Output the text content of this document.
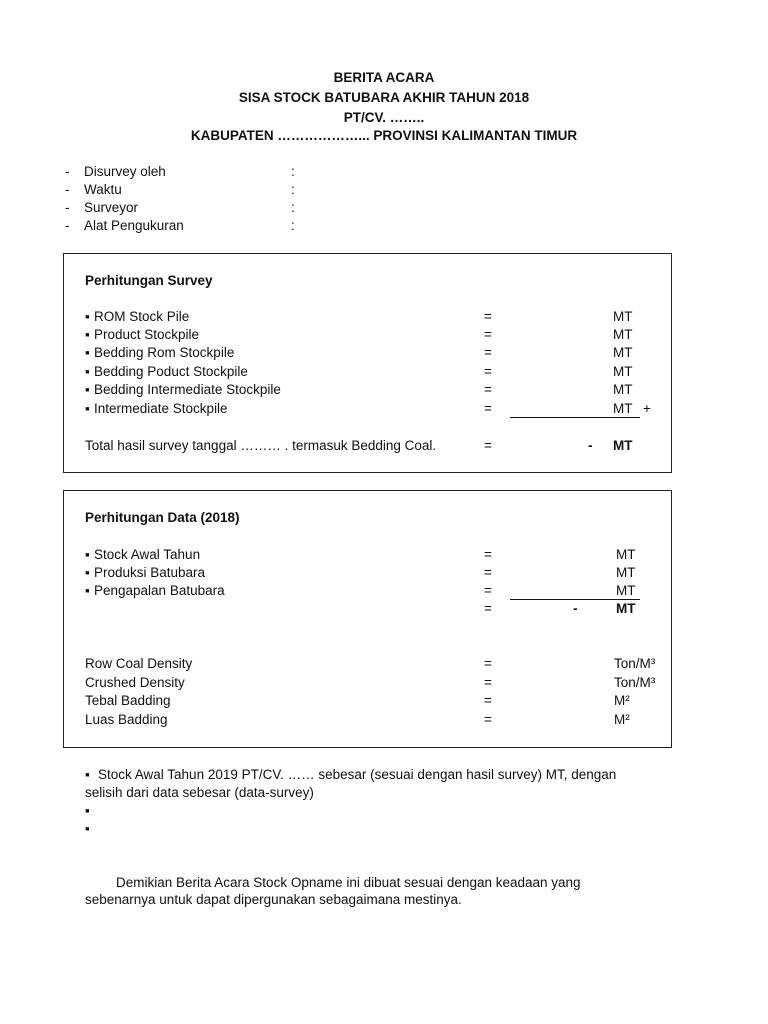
BERITA ACARA
SISA STOCK BATUBARA AKHIR TAHUN 2018
PT/CV. ……..
KABUPATEN ………………... PROVINSI KALIMANTAN TIMUR
- Disurvey oleh	:
- Waktu	:
- Surveyor	:
- Alat Pengukuran	:
Perhitungan Survey
▪ ROM Stock Pile	=	MT
▪ Product Stockpile	=	MT
▪ Bedding Rom Stockpile	=	MT
▪ Bedding Poduct Stockpile	=	MT
▪ Bedding Intermediate Stockpile	=	MT
▪ Intermediate Stockpile	=	MT +
Total hasil survey tanggal ……… . termasuk Bedding Coal.	=	- MT
Perhitungan Data (2018)
▪ Stock Awal Tahun	=	MT
▪ Produksi Batubara	=	MT
▪ Pengapalan Batubara	=	MT
=	-	MT
Row Coal Density	=	Ton/M³
Crushed Density	=	Ton/M³
Tebal Badding	=	M²
Luas Badding	=	M²
▪ Stock Awal Tahun 2019 PT/CV. …… sebesar (sesuai dengan hasil survey) MT, dengan
selisih dari data sebesar (data-survey)
▪
▪
Demikian Berita Acara Stock Opname ini dibuat sesuai dengan keadaan yang
sebenarnya untuk dapat dipergunakan sebagaimana mestinya.
